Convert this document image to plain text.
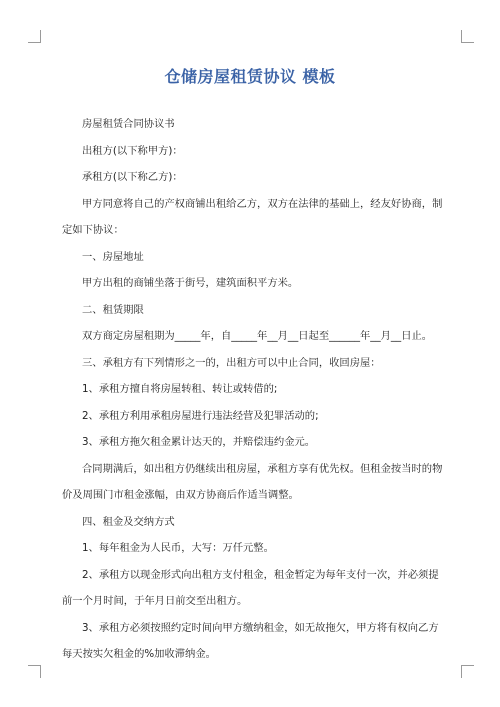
仓储房屋租赁协议 模板

房屋租赁合同协议书

出租方(以下称甲方)：

承租方(以下称乙方)：

甲方同意将自己的产权商铺出租给乙方，双方在法律的基础上，经友好协商，制定如下协议：

一、房屋地址

甲方出租的商铺坐落于街号，建筑面积平方米。

二、租赁期限

双方商定房屋租期为_____年，自_____年__月__日起至______年__月__日止。

三、承租方有下列情形之一的，出租方可以中止合同，收回房屋：

1、承租方擅自将房屋转租、转让或转借的;

2、承租方利用承租房屋进行违法经营及犯罪活动的;

3、承租方拖欠租金累计达天的，并赔偿违约金元。

合同期满后，如出租方仍继续出租房屋，承租方享有优先权。但租金按当时的物价及周围门市租金涨幅，由双方协商后作适当调整。

四、租金及交纳方式

1、每年租金为人民币，大写：万仟元整。

2、承租方以现金形式向出租方支付租金，租金暂定为每年支付一次，并必须提前一个月时间，于年月日前交至出租方。

3、承租方必须按照约定时间向甲方缴纳租金，如无故拖欠，甲方将有权向乙方每天按实欠租金的%加收滞纳金。
